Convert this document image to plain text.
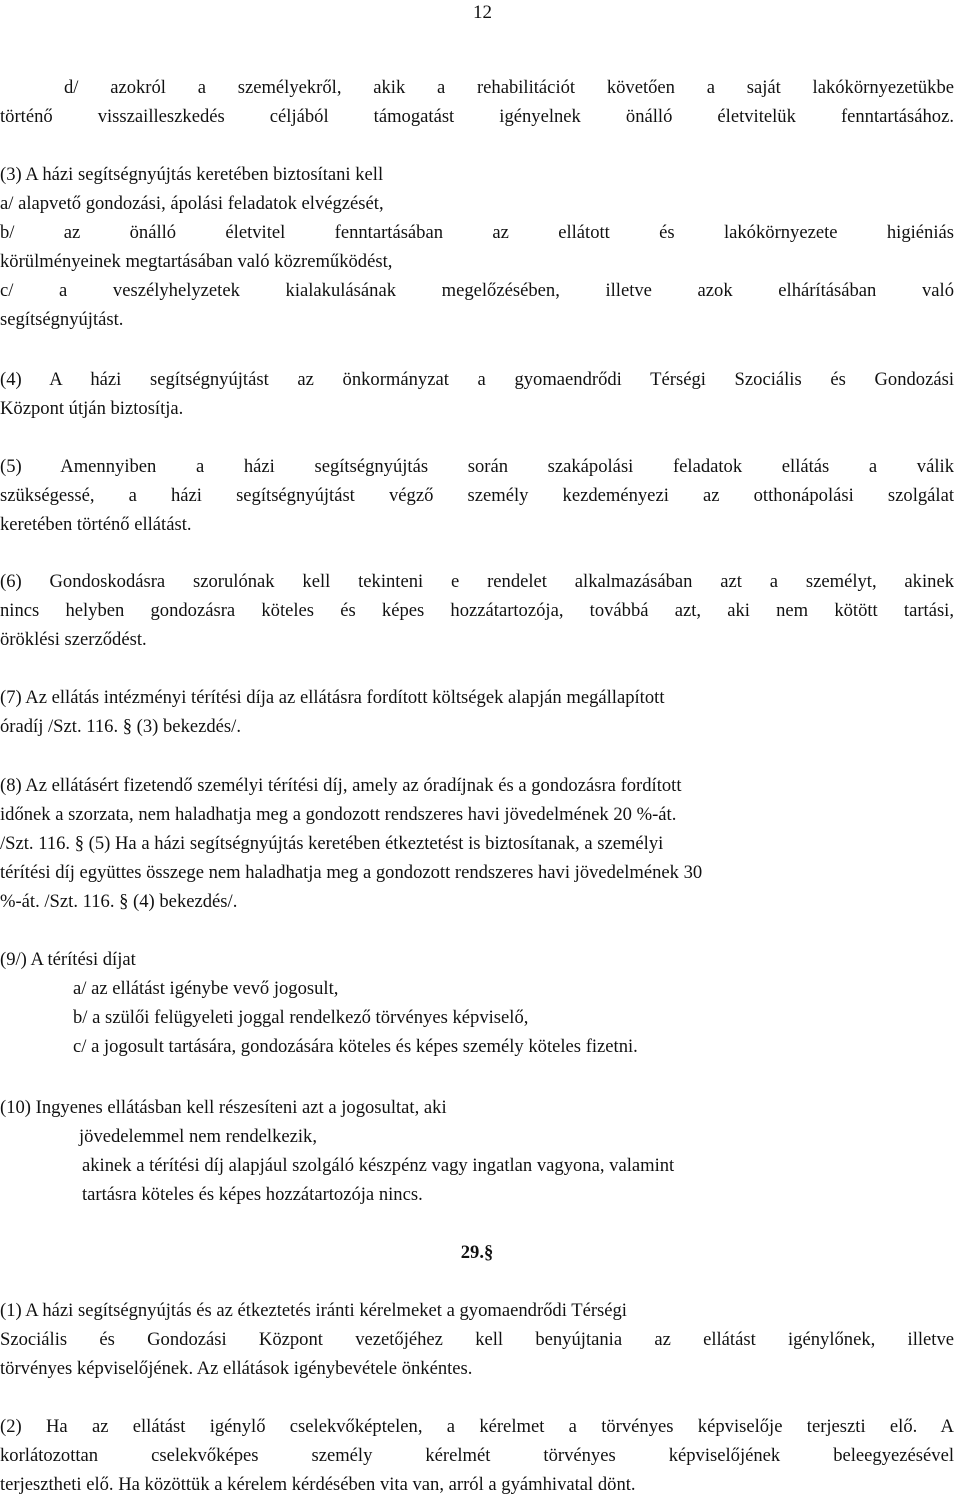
12
d/ azokról a személyekről, akik a rehabilitációt követően a saját lakókörnyezetükbe
történő visszailleszkedés céljából támogatást igényelnek önálló életvitelük fenntartásához.
(3) A házi segítségnyújtás keretében biztosítani kell
a/ alapvető gondozási, ápolási feladatok elvégzését,
b/ az önálló életvitel fenntartásában az ellátott és lakókörnyezete higiéniás
körülményeinek megtartásában való közreműködést,
c/ a veszélyhelyzetek kialakulásának megelőzésében, illetve azok elhárításában való
segítségnyújtást.
(4) A házi segítségnyújtást az önkormányzat a gyomaendrődi Térségi Szociális és Gondozási
Központ útján biztosítja.
(5) Amennyiben a házi segítségnyújtás során szakápolási feladatok ellátás a válik
szükségessé, a házi segítségnyújtást végző személy kezdeményezi az otthonápolási szolgálat
keretében történő ellátást.
(6) Gondoskodásra szorulónak kell tekinteni e rendelet alkalmazásában azt a személyt, akinek
nincs helyben gondozásra köteles és képes hozzátartozója, továbbá azt, aki nem kötött tartási,
öröklési szerződést.
(7) Az ellátás intézményi térítési díja az ellátásra fordított költségek alapján megállapított
óradíj /Szt. 116. § (3) bekezdés/.
(8) Az ellátásért fizetendő személyi térítési díj, amely az óradíjnak és a gondozásra fordított
időnek a szorzata, nem haladhatja meg a gondozott rendszeres havi jövedelmének 20 %-át.
/Szt. 116. § (5) Ha a házi segítségnyújtás keretében étkeztetést is biztosítanak, a személyi
térítési díj együttes összege nem haladhatja meg a gondozott rendszeres havi jövedelmének 30
%-át. /Szt. 116. § (4) bekezdés/.
(9/) A térítési díjat
a/ az ellátást igénybe vevő jogosult,
b/ a szülői felügyeleti joggal rendelkező törvényes képviselő,
c/ a jogosult tartására, gondozására köteles és képes személy köteles fizetni.
(10) Ingyenes ellátásban kell részesíteni azt a jogosultat, aki
jövedelemmel nem rendelkezik,
akinek a térítési díj alapjául szolgáló készpénz vagy ingatlan vagyona, valamint
tartásra köteles és képes hozzátartozója nincs.
29.§
(1) A házi segítségnyújtás és az étkeztetés iránti kérelmeket a gyomaendrődi Térségi
Szociális és Gondozási Központ vezetőjéhez kell benyújtania az ellátást igénylőnek, illetve
törvényes képviselőjének. Az ellátások igénybevétele önkéntes.
(2) Ha az ellátást igénylő cselekvőképtelen, a kérelmet a törvényes képviselője terjeszti elő. A
korlátozottan cselekvőképes személy kérelmét törvényes képviselőjének beleegyezésével
terjesztheti elő. Ha közöttük a kérelem kérdésében vita van, arról a gyámhivatal dönt.
